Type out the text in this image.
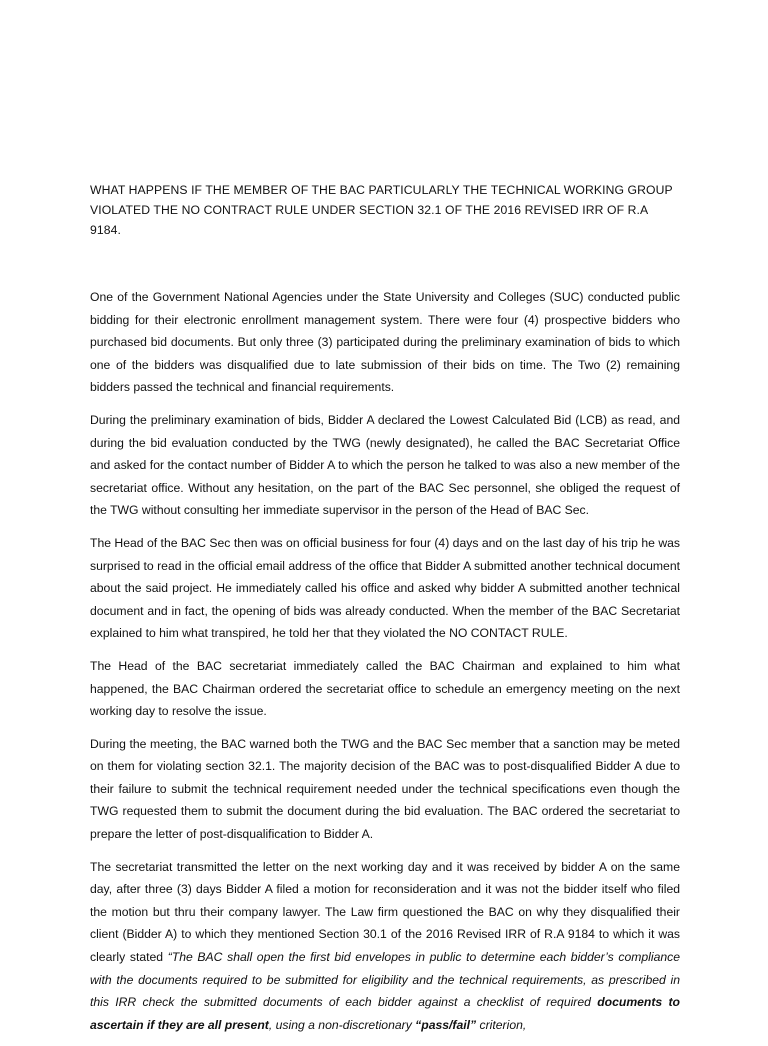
WHAT HAPPENS IF THE MEMBER OF THE BAC PARTICULARLY THE TECHNICAL WORKING GROUP
VIOLATED THE NO CONTRACT RULE UNDER SECTION 32.1 OF THE 2016 REVISED IRR OF R.A 9184.

One of the Government National Agencies under the State University and Colleges (SUC) conducted public bidding for their electronic enrollment management system. There were four (4) prospective bidders who purchased bid documents. But only three (3) participated during the preliminary examination of bids to which one of the bidders was disqualified due to late submission of their bids on time. The Two (2) remaining bidders passed the technical and financial requirements.

During the preliminary examination of bids, Bidder A declared the Lowest Calculated Bid (LCB) as read, and during the bid evaluation conducted by the TWG (newly designated), he called the BAC Secretariat Office and asked for the contact number of Bidder A to which the person he talked to was also a new member of the secretariat office. Without any hesitation, on the part of the BAC Sec personnel, she obliged the request of the TWG without consulting her immediate supervisor in the person of the Head of BAC Sec.

The Head of the BAC Sec then was on official business for four (4) days and on the last day of his trip he was surprised to read in the official email address of the office that Bidder A submitted another technical document about the said project. He immediately called his office and asked why bidder A submitted another technical document and in fact, the opening of bids was already conducted. When the member of the BAC Secretariat explained to him what transpired, he told her that they violated the NO CONTACT RULE.

The Head of the BAC secretariat immediately called the BAC Chairman and explained to him what happened, the BAC Chairman ordered the secretariat office to schedule an emergency meeting on the next working day to resolve the issue.

During the meeting, the BAC warned both the TWG and the BAC Sec member that a sanction may be meted on them for violating section 32.1. The majority decision of the BAC was to post-disqualified Bidder A due to their failure to submit the technical requirement needed under the technical specifications even though the TWG requested them to submit the document during the bid evaluation. The BAC ordered the secretariat to prepare the letter of post-disqualification to Bidder A.

The secretariat transmitted the letter on the next working day and it was received by bidder A on the same day, after three (3) days Bidder A filed a motion for reconsideration and it was not the bidder itself who filed the motion but thru their company lawyer. The Law firm questioned the BAC on why they disqualified their client (Bidder A) to which they mentioned Section 30.1 of the 2016 Revised IRR of R.A 9184 to which it was clearly stated “The BAC shall open the first bid envelopes in public to determine each bidder’s compliance with the documents required to be submitted for eligibility and the technical requirements, as prescribed in this IRR check the submitted documents of each bidder against a checklist of required documents to ascertain if they are all present, using a non-discretionary “pass/fail” criterion,
